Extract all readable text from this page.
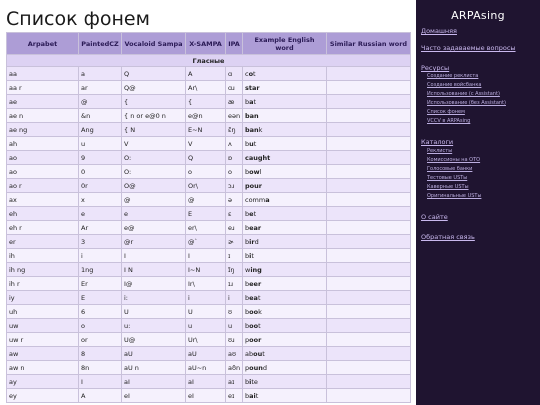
Список фонем
Arpabet	PaintedCZ	Vocaloid Sampa	X-SAMPA	IPA	Example English word	Similar Russian word
Гласные						
aa	a	Q	A	ɑ	cot	
aa r	ar	Q@	Ar\	ɑɹ	star	
ae	@	{	{	æ	bat	
ae n	&n	{ n or e@0 n	e@n	eən	ban	
ae ng	Ang	{ N	E~N	ɛ̃ŋ	bank	
ah	u	V	V	ʌ	but	
ao	9	O:	Q	ɒ	caught	
ao	0	O:	o	o	bowl	
ao r	0r	O@	Or\	ɔɹ	pour	
ax	x	@	@	ə	comma	
eh	e	e	E	ɛ	bet	
eh r	Ar	e@	er\	eɹ	bear	
er	3	@r	@`	ɚ	bird	
ih	i	I	I	ɪ	bit	
ih ng	1ng	I N	I~N	ɪ̃ŋ	wing	
ih r	Er	I@	Ir\	ɪɹ	beer	
iy	E	i:	i	i	beat	
uh	6	U	U	ʊ	book	
uw	o	u:	u	u	boot	
uw r	or	U@	Ur\	ʊɹ	poor	
aw	8	aU	aU	aʊ	about	
aw n	8n	aU n	aU~n	aʊ̃n	pound	
ay	I	aI	aI	aɪ	bite	
ey	A	eI	eI	eɪ	bait	
ARPAsing
Домашняя
Часто задаваемые вопросы
Ресурсы
Создание реклиста
Создание войсбанка
Использование (с Assistant)
Использование (без Assistant)
Список фонем
VCCV в ARPAsing
Каталоги
Реклисты
Комиссионы на OTO
Голосовые банки
Тестовые USTы
Каверные USTы
Оригинальные USTы
О сайте
Обратная связь
